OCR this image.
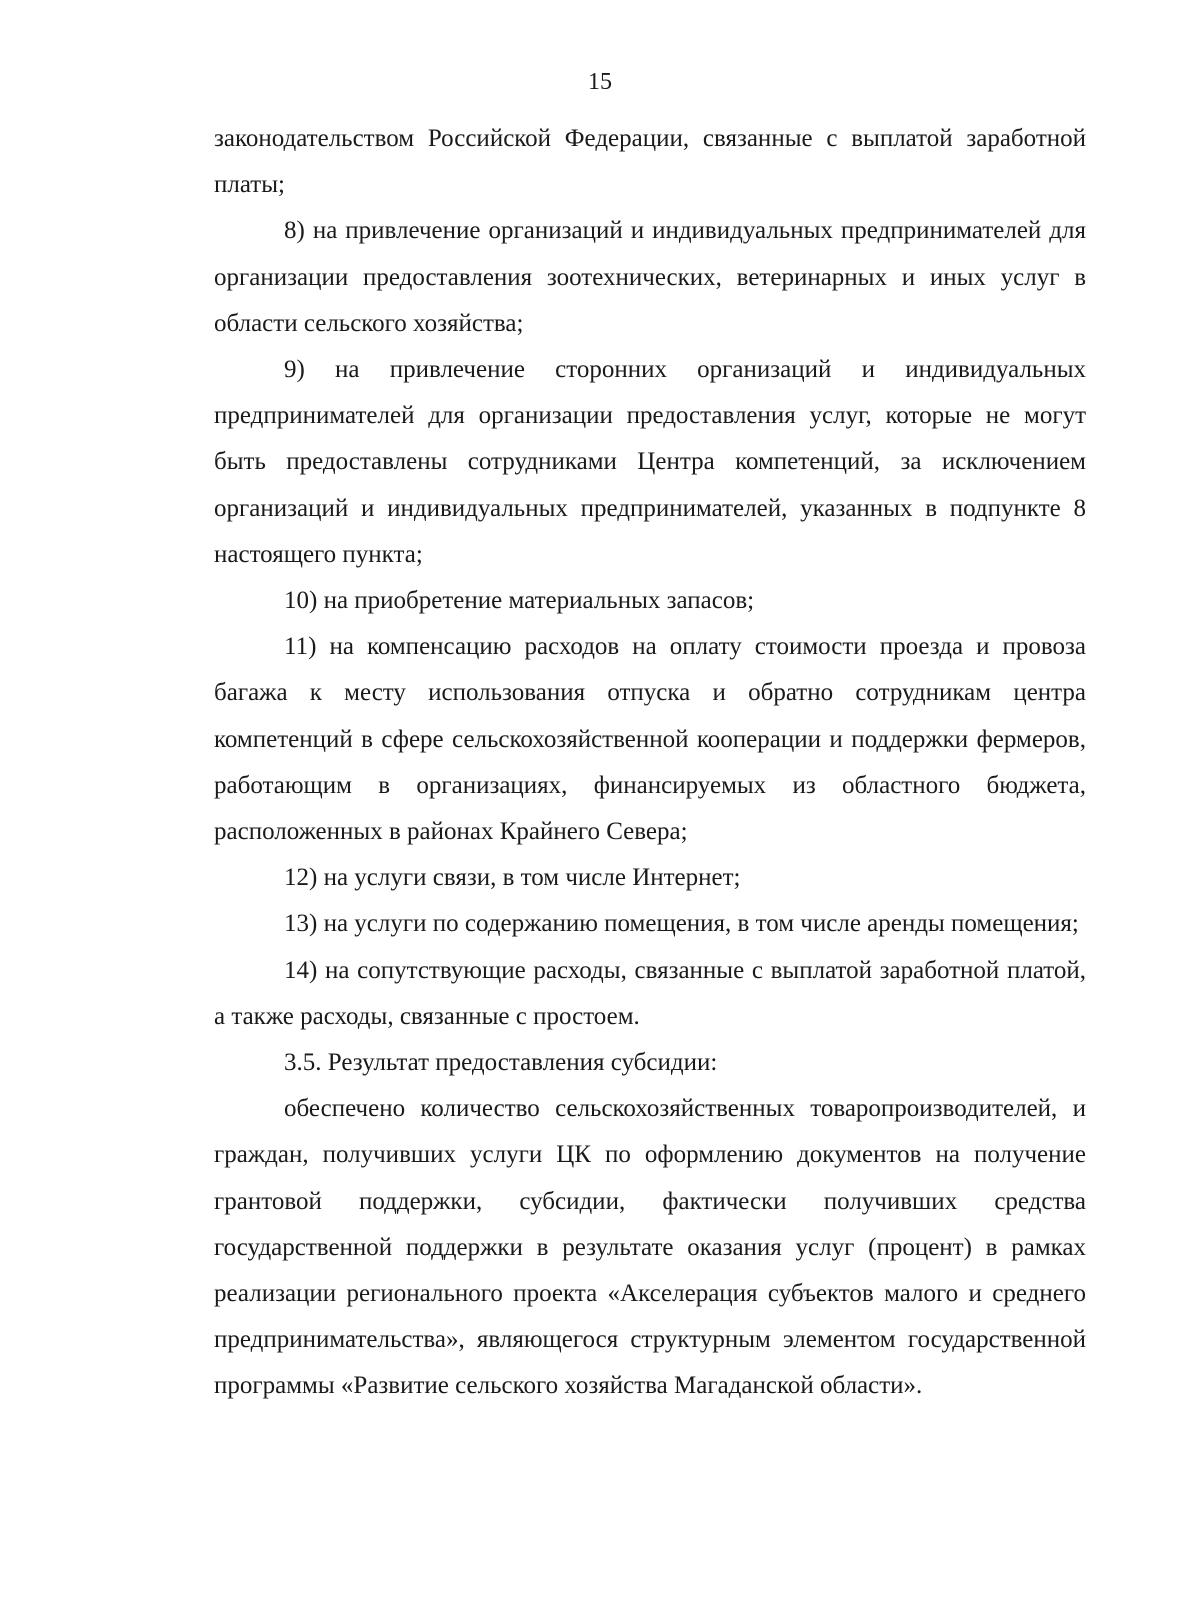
15

законодательством Российской Федерации, связанные с выплатой заработной платы;

8) на привлечение организаций и индивидуальных предпринимателей для организации предоставления зоотехнических, ветеринарных и иных услуг в области сельского хозяйства;

9) на привлечение сторонних организаций и индивидуальных предпринимателей для организации предоставления услуг, которые не могут быть предоставлены сотрудниками Центра компетенций, за исключением организаций и индивидуальных предпринимателей, указанных в подпункте 8 настоящего пункта;

10) на приобретение материальных запасов;

11) на компенсацию расходов на оплату стоимости проезда и провоза багажа к месту использования отпуска и обратно сотрудникам центра компетенций в сфере сельскохозяйственной кооперации и поддержки фермеров, работающим в организациях, финансируемых из областного бюджета, расположенных в районах Крайнего Севера;

12) на услуги связи, в том числе Интернет;

13) на услуги по содержанию помещения, в том числе аренды помещения;

14) на сопутствующие расходы, связанные с выплатой заработной платой, а также расходы, связанные с простоем.

3.5. Результат предоставления субсидии:

обеспечено количество сельскохозяйственных товаропроизводителей, и граждан, получивших услуги ЦК по оформлению документов на получение грантовой поддержки, субсидии, фактически получивших средства государственной поддержки в результате оказания услуг (процент) в рамках реализации регионального проекта «Акселерация субъектов малого и среднего предпринимательства», являющегося структурным элементом государственной программы «Развитие сельского хозяйства Магаданской области».
